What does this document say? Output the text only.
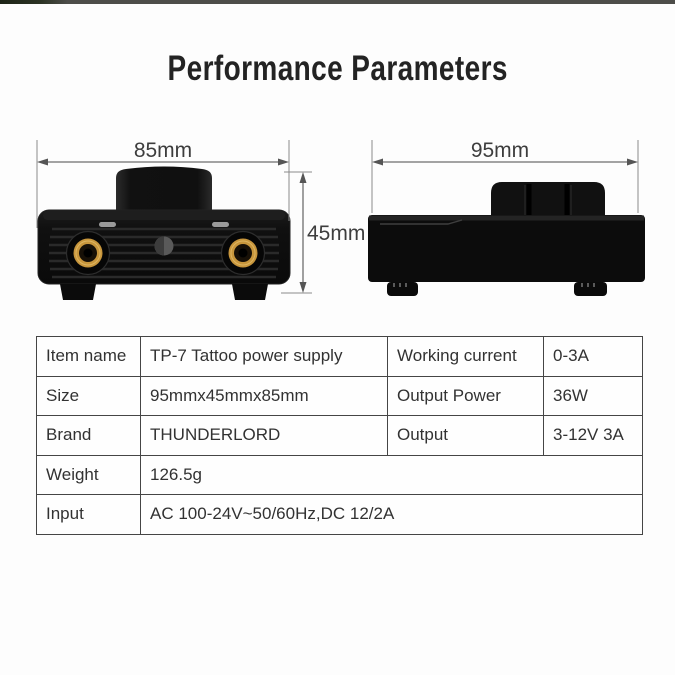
Performance Parameters
85mm
45mm
95mm
Item name	TP-7 Tattoo power supply	Working current	0-3A
Size	95mmx45mmx85mm	Output Power	36W
Brand	THUNDERLORD	Output	3-12V 3A
Weight	126.5g		
Input	AC 100-24V~50/60Hz,DC 12/2A		
